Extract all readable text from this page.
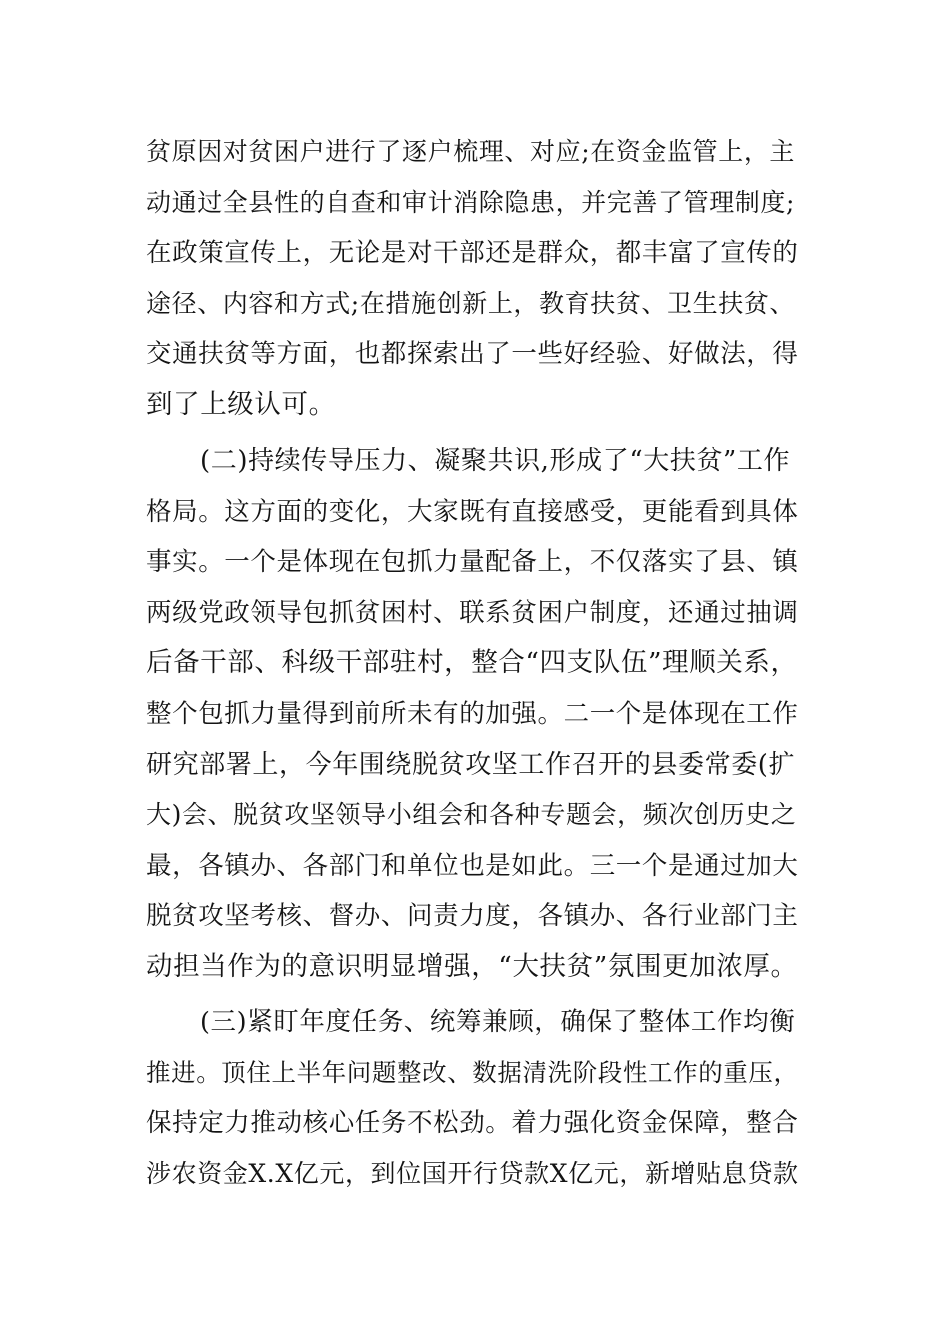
贫原因对贫困户进行了逐户梳理、对应;在资金监管上，主
动通过全县性的自查和审计消除隐患，并完善了管理制度;
在政策宣传上，无论是对干部还是群众，都丰富了宣传的
途径、内容和方式;在措施创新上，教育扶贫、卫生扶贫、
交通扶贫等方面，也都探索出了一些好经验、好做法，得
到了上级认可。
(二)持续传导压力、凝聚共识,形成了“大扶贫”工作
格局。这方面的变化，大家既有直接感受，更能看到具体
事实。一个是体现在包抓力量配备上，不仅落实了县、镇
两级党政领导包抓贫困村、联系贫困户制度，还通过抽调
后备干部、科级干部驻村，整合“四支队伍”理顺关系，
整个包抓力量得到前所未有的加强。二一个是体现在工作
研究部署上，今年围绕脱贫攻坚工作召开的县委常委(扩
大)会、脱贫攻坚领导小组会和各种专题会，频次创历史之
最，各镇办、各部门和单位也是如此。三一个是通过加大
脱贫攻坚考核、督办、问责力度，各镇办、各行业部门主
动担当作为的意识明显增强，“大扶贫”氛围更加浓厚。
(三)紧盯年度任务、统筹兼顾，确保了整体工作均衡
推进。顶住上半年问题整改、数据清洗阶段性工作的重压，
保持定力推动核心任务不松劲。着力强化资金保障，整合
涉农资金X.X亿元，到位国开行贷款X亿元，新增贴息贷款
